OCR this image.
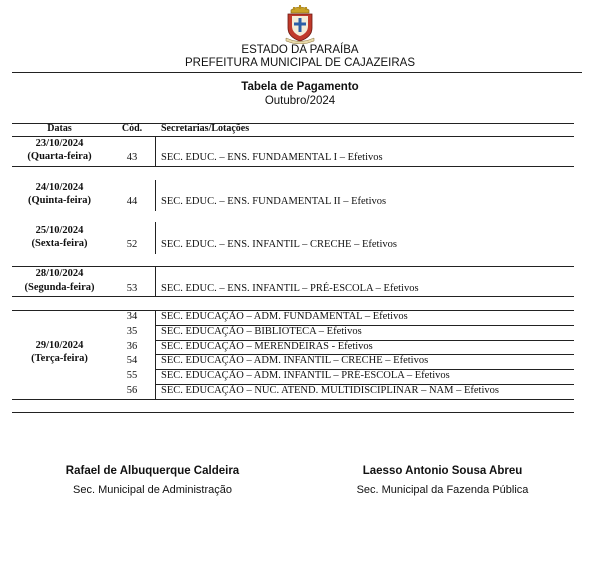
ESTADO DA PARAÍBA
PREFEITURA MUNICIPAL DE CAJAZEIRAS
Tabela de Pagamento
Outubro/2024
Datas	Cód.	Secretarias/Lotações
23/10/2024
(Quarta-feira)	43	SEC. EDUC. – ENS. FUNDAMENTAL I – Efetivos
24/10/2024
(Quinta-feira)	44	SEC. EDUC. – ENS. FUNDAMENTAL II – Efetivos
25/10/2024
(Sexta-feira)	52	SEC. EDUC. – ENS. INFANTIL – CRECHE – Efetivos
28/10/2024
(Segunda-feira)	53	SEC. EDUC. – ENS. INFANTIL – PRÉ-ESCOLA – Efetivos
29/10/2024
(Terça-feira)
34	SEC. EDUCAÇÃO – ADM. FUNDAMENTAL – Efetivos
35	SEC. EDUCAÇÃO – BIBLIOTECA – Efetivos
36	SEC. EDUCAÇÃO – MERENDEIRAS - Efetivos
54	SEC. EDUCAÇÃO – ADM. INFANTIL – CRECHE – Efetivos
55	SEC. EDUCAÇÃO – ADM. INFANTIL – PRÉ-ESCOLA – Efetivos
56	SEC. EDUCAÇÃO – NUC. ATEND. MULTIDISCIPLINAR – NAM – Efetivos
Rafael de Albuquerque Caldeira
Sec. Municipal de Administração
Laesso Antonio Sousa Abreu
Sec. Municipal da Fazenda Pública
